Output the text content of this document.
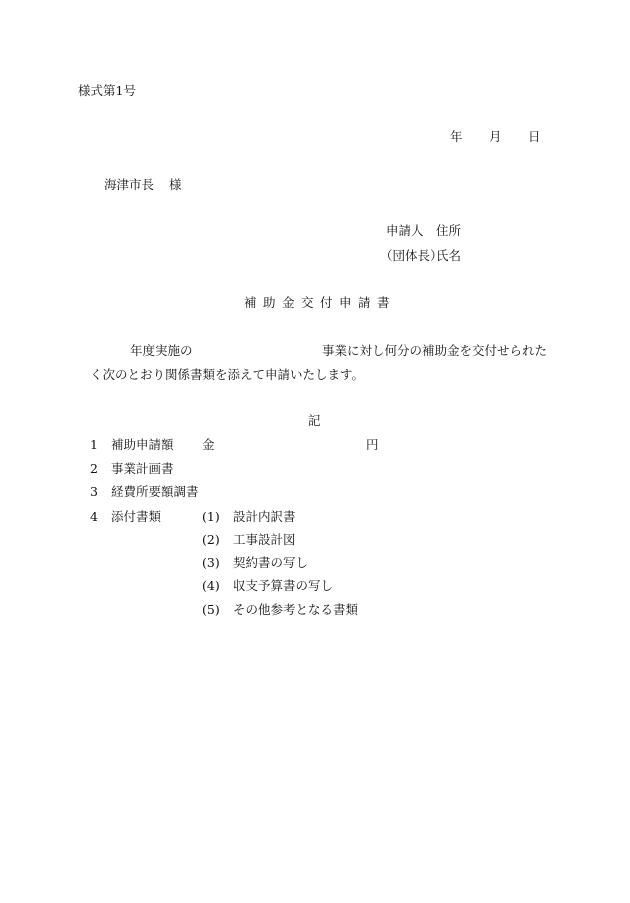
様式第1号
年 月 日
海津市長 様
申請人 住所
（団体長）
氏名
補助金交付申請書
年度実施の	事業に対し何分の補助金を交付せられた
く次のとおり関係書類を添えて申請いたします。
記
1 補助申請額 金	円
2 事業計画書
3 経費所要額調書
4 添付書類	(1) 設計内訳書
(2) 工事設計図
(3) 契約書の写し
(4) 収支予算書の写し
(5) その他参考となる書類
